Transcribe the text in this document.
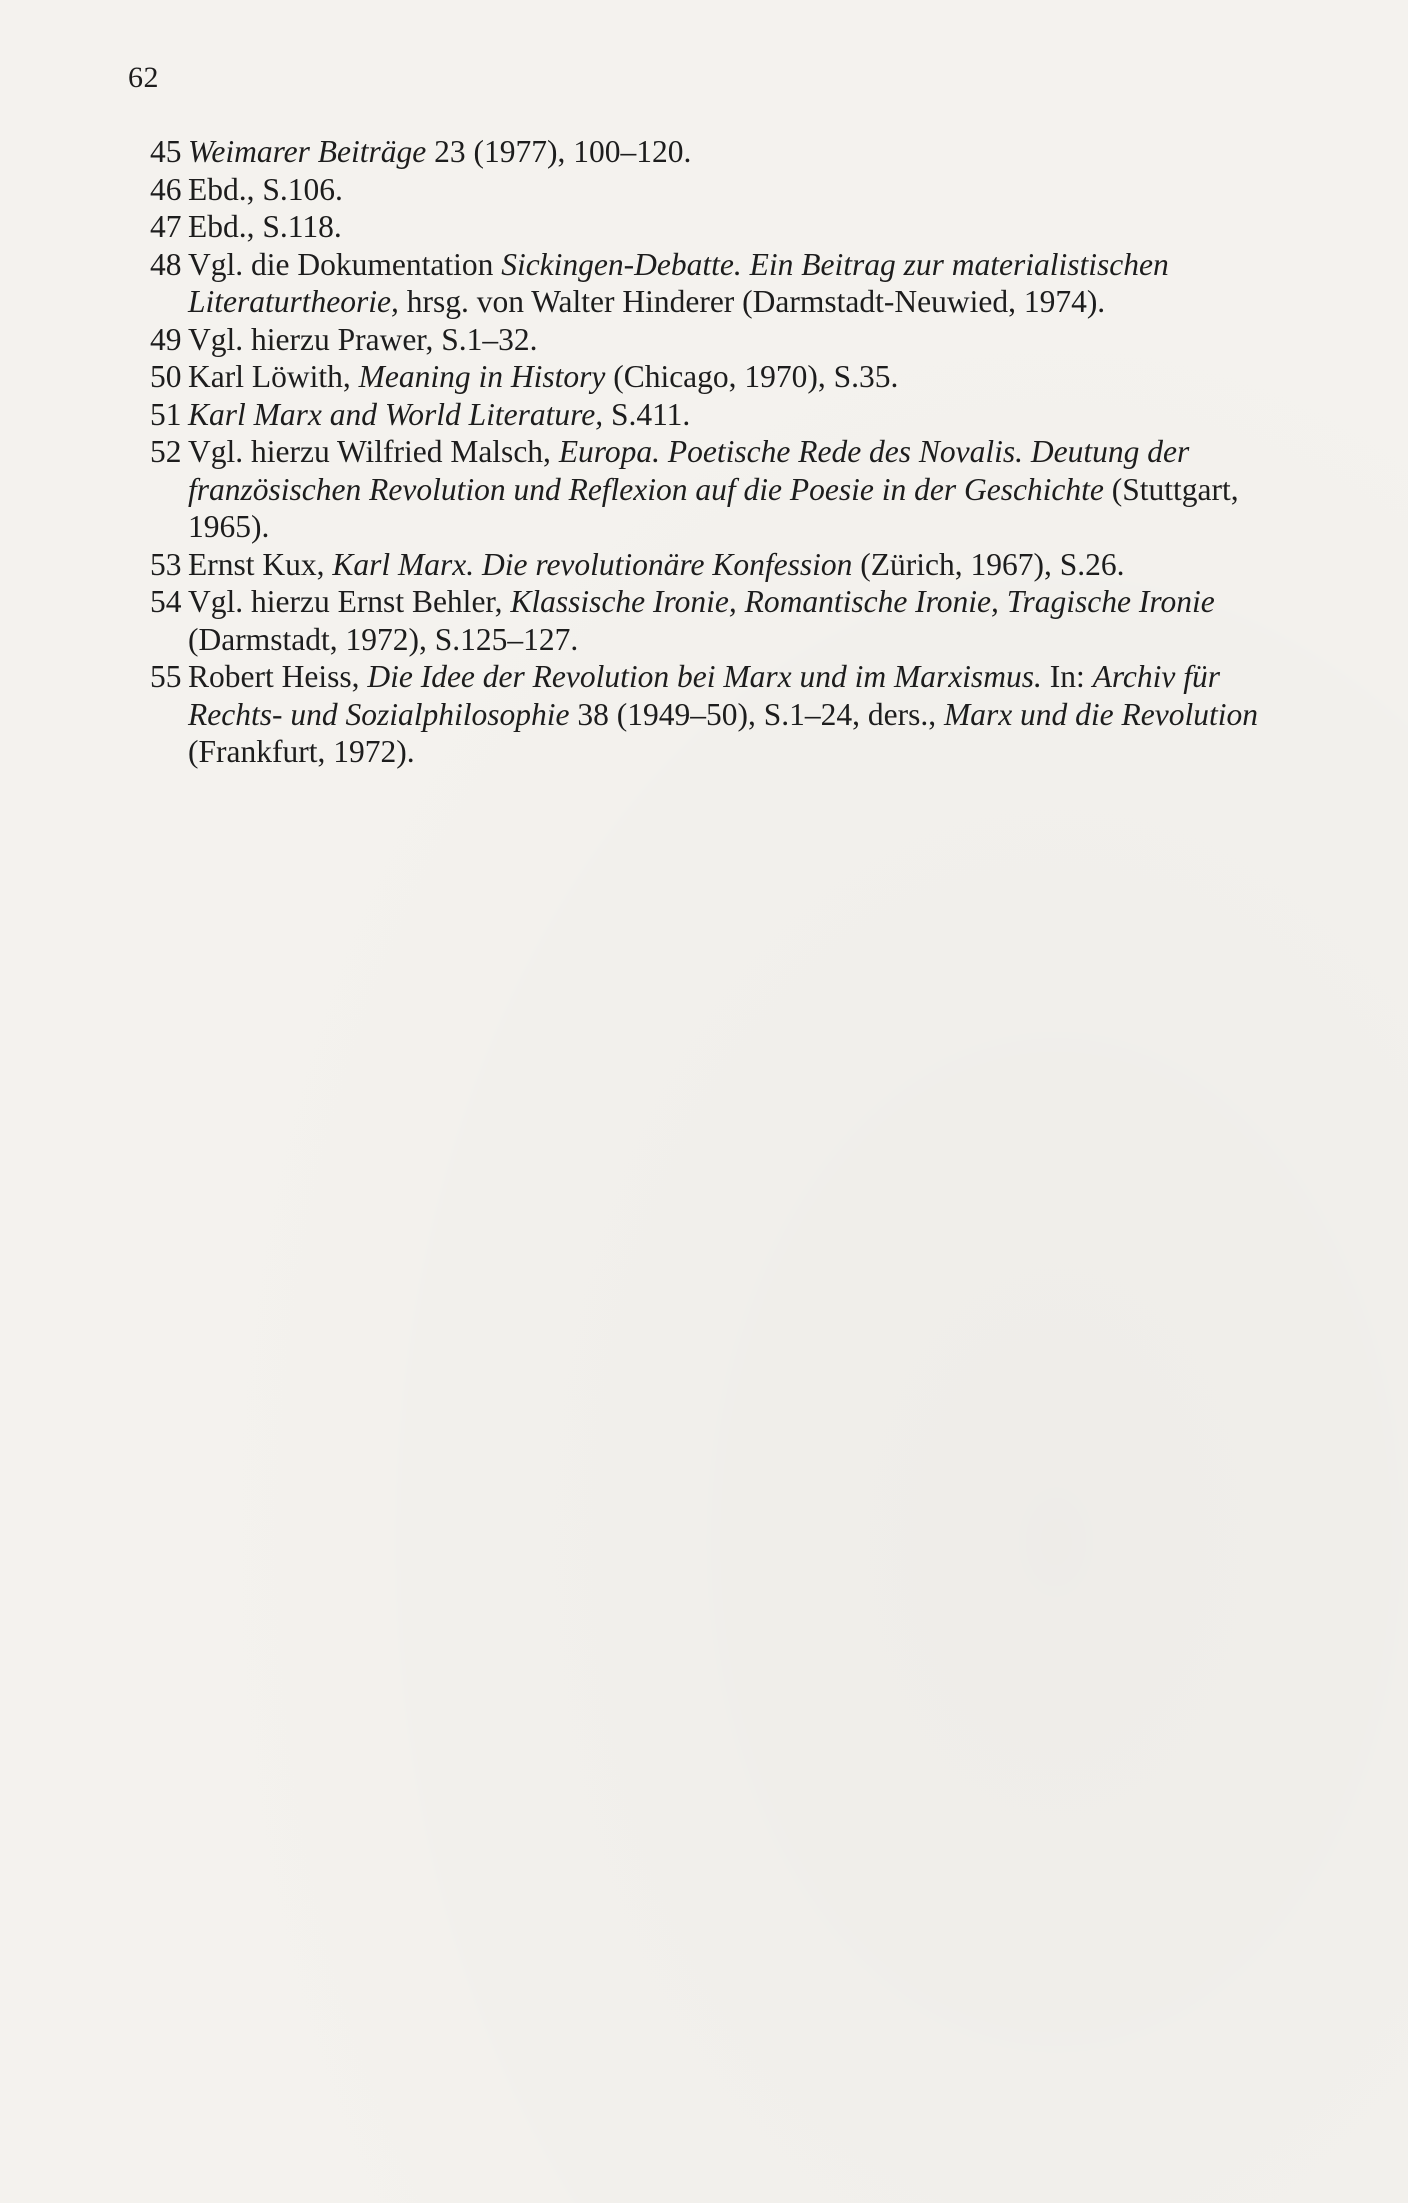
62
45 Weimarer Beiträge 23 (1977), 100–120.
46 Ebd., S.106.
47 Ebd., S.118.
48 Vgl. die Dokumentation Sickingen-Debatte. Ein Beitrag zur materialistischen Literaturtheorie, hrsg. von Walter Hinderer (Darmstadt-Neuwied, 1974).
49 Vgl. hierzu Prawer, S.1–32.
50 Karl Löwith, Meaning in History (Chicago, 1970), S.35.
51 Karl Marx and World Literature, S.411.
52 Vgl. hierzu Wilfried Malsch, Europa. Poetische Rede des Novalis. Deutung der französischen Revolution und Reflexion auf die Poesie in der Geschichte (Stuttgart, 1965).
53 Ernst Kux, Karl Marx. Die revolutionäre Konfession (Zürich, 1967), S.26.
54 Vgl. hierzu Ernst Behler, Klassische Ironie, Romantische Ironie, Tragische Ironie (Darmstadt, 1972), S.125–127.
55 Robert Heiss, Die Idee der Revolution bei Marx und im Marxismus. In: Archiv für Rechts- und Sozialphilosophie 38 (1949–50), S.1–24, ders., Marx und die Revolution (Frankfurt, 1972).
